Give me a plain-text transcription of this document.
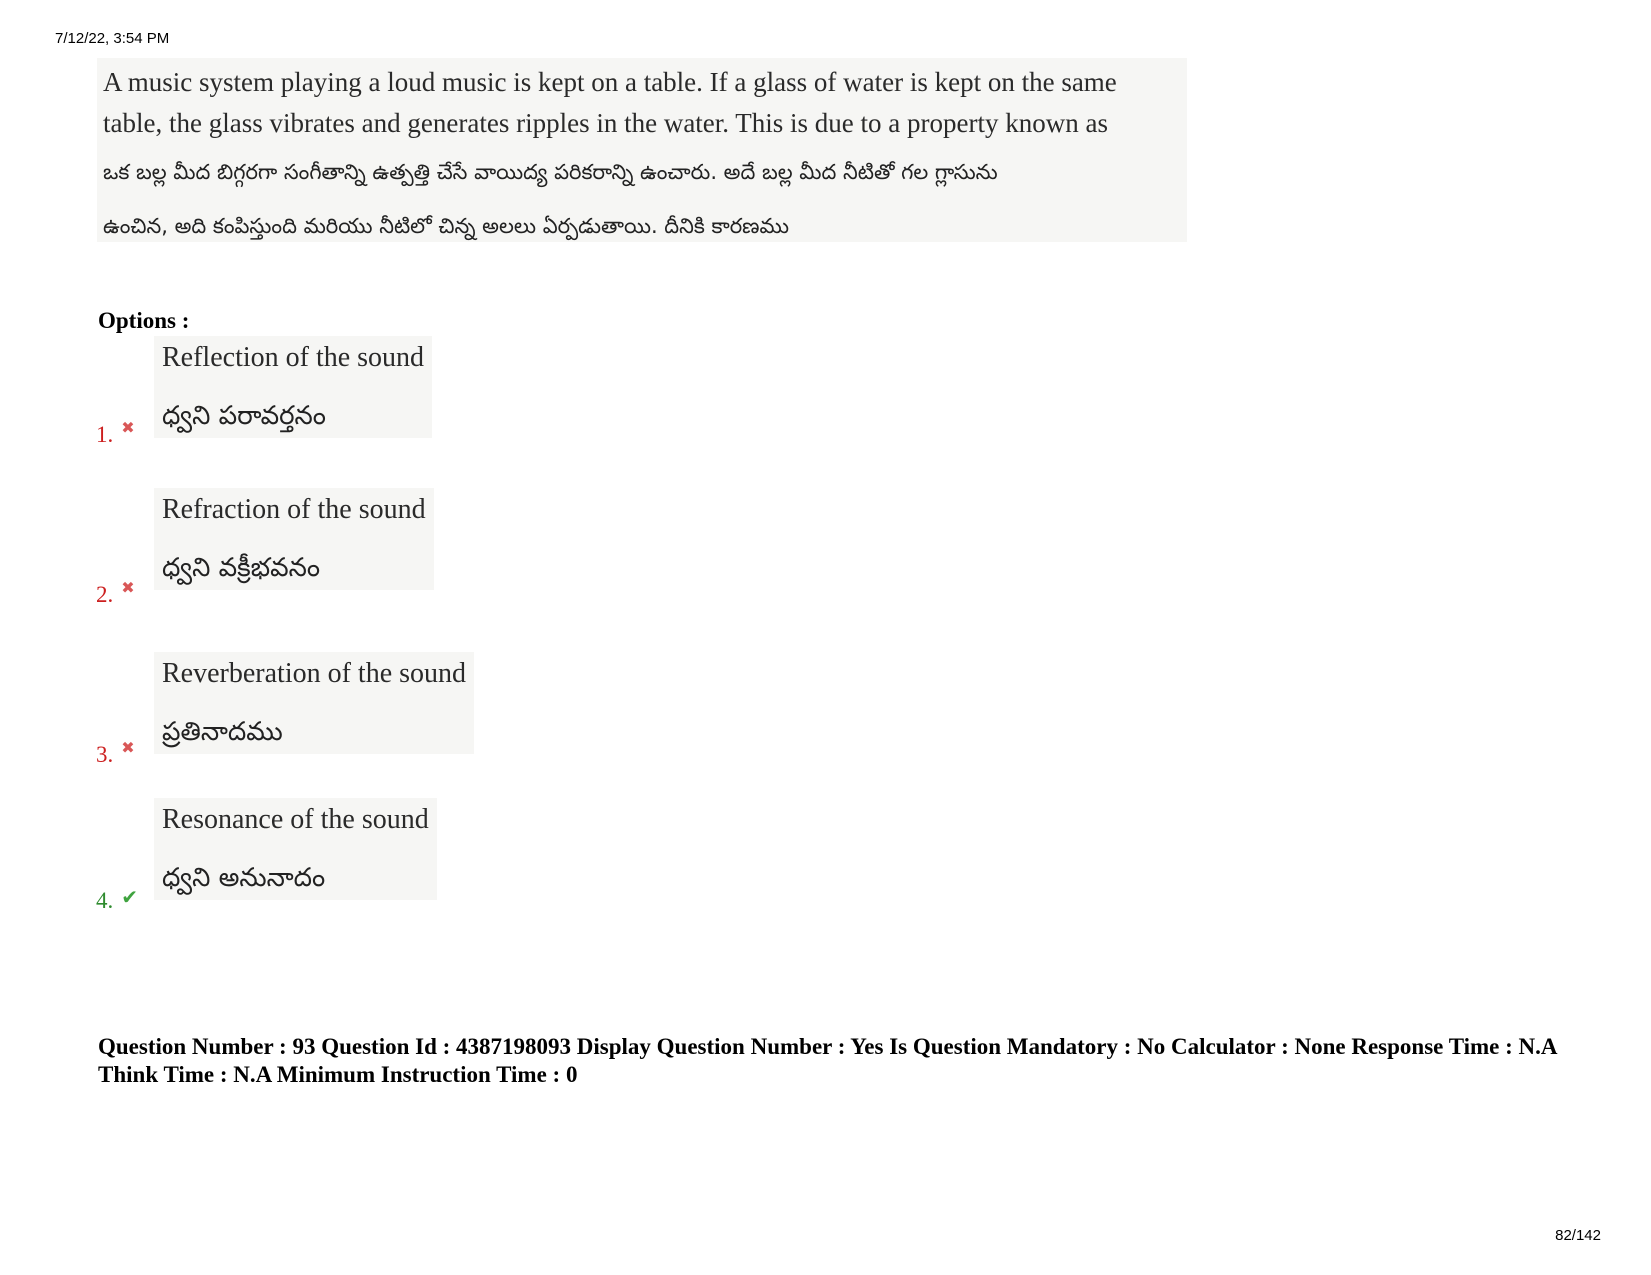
7/12/22, 3:54 PM

A music system playing a loud music is kept on a table. If a glass of water is kept on the same table, the glass vibrates and generates ripples in the water. This is due to a property known as

ఒక బల్ల మీద బిగ్గరగా సంగీతాన్ని ఉత్పత్తి చేసే వాయిద్య పరికరాన్ని ఉంచారు. అదే బల్ల మీద నీటితో గల గ్లాసును

ఉంచిన, అది కంపిస్తుంది మరియు నీటిలో చిన్న అలలు ఏర్పడుతాయి. దీనికి కారణము

Options :

1. ✖

Reflection of the sound

ధ్వని పరావర్తనం

2. ✖

Refraction of the sound

ధ్వని వక్రీభవనం

3. ✖

Reverberation of the sound

ప్రతినాదము

4. ✔

Resonance of the sound

ధ్వని అనునాదం

Question Number : 93 Question Id : 4387198093 Display Question Number : Yes Is Question Mandatory : No Calculator : None Response Time : N.A Think Time : N.A Minimum Instruction Time : 0

82/142
